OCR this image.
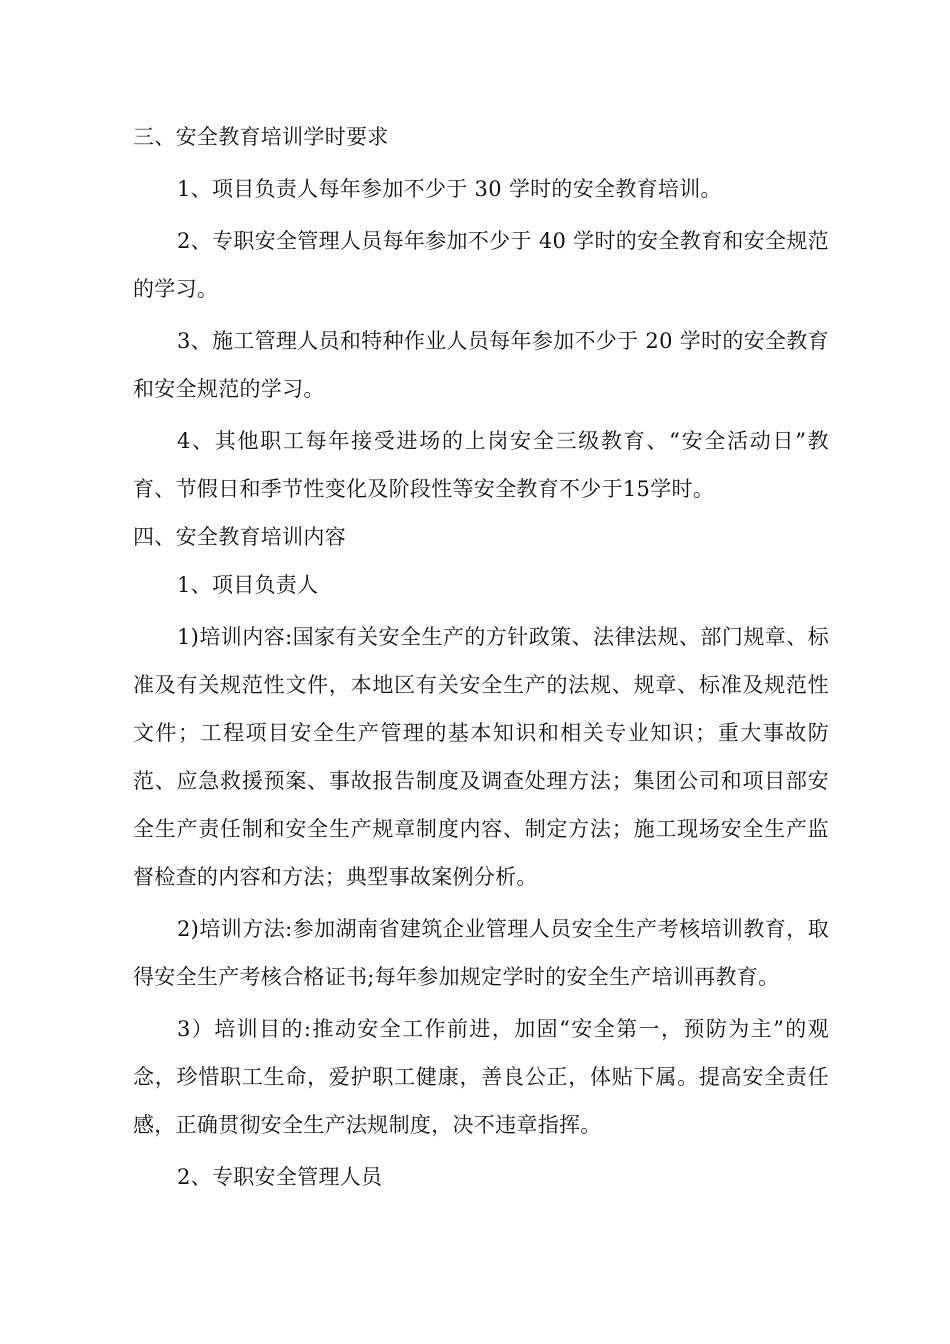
三、安全教育培训学时要求

1、项目负责人每年参加不少于 30 学时的安全教育培训。

2、专职安全管理人员每年参加不少于 40 学时的安全教育和安全规范的学习。

3、施工管理人员和特种作业人员每年参加不少于 20 学时的安全教育和安全规范的学习。

4、其他职工每年接受进场的上岗安全三级教育、“安全活动日”教育、节假日和季节性变化及阶段性等安全教育不少于15学时。

四、安全教育培训内容

1、项目负责人

1)培训内容:国家有关安全生产的方针政策、法律法规、部门规章、标准及有关规范性文件，本地区有关安全生产的法规、规章、标准及规范性文件；工程项目安全生产管理的基本知识和相关专业知识；重大事故防范、应急救援预案、事故报告制度及调查处理方法；集团公司和项目部安全生产责任制和安全生产规章制度内容、制定方法；施工现场安全生产监督检查的内容和方法；典型事故案例分析。

2)培训方法:参加湖南省建筑企业管理人员安全生产考核培训教育，取得安全生产考核合格证书;每年参加规定学时的安全生产培训再教育。

3）培训目的:推动安全工作前进，加固“安全第一，预防为主”的观念，珍惜职工生命，爱护职工健康，善良公正，体贴下属。提高安全责任感，正确贯彻安全生产法规制度，决不违章指挥。

2、专职安全管理人员
